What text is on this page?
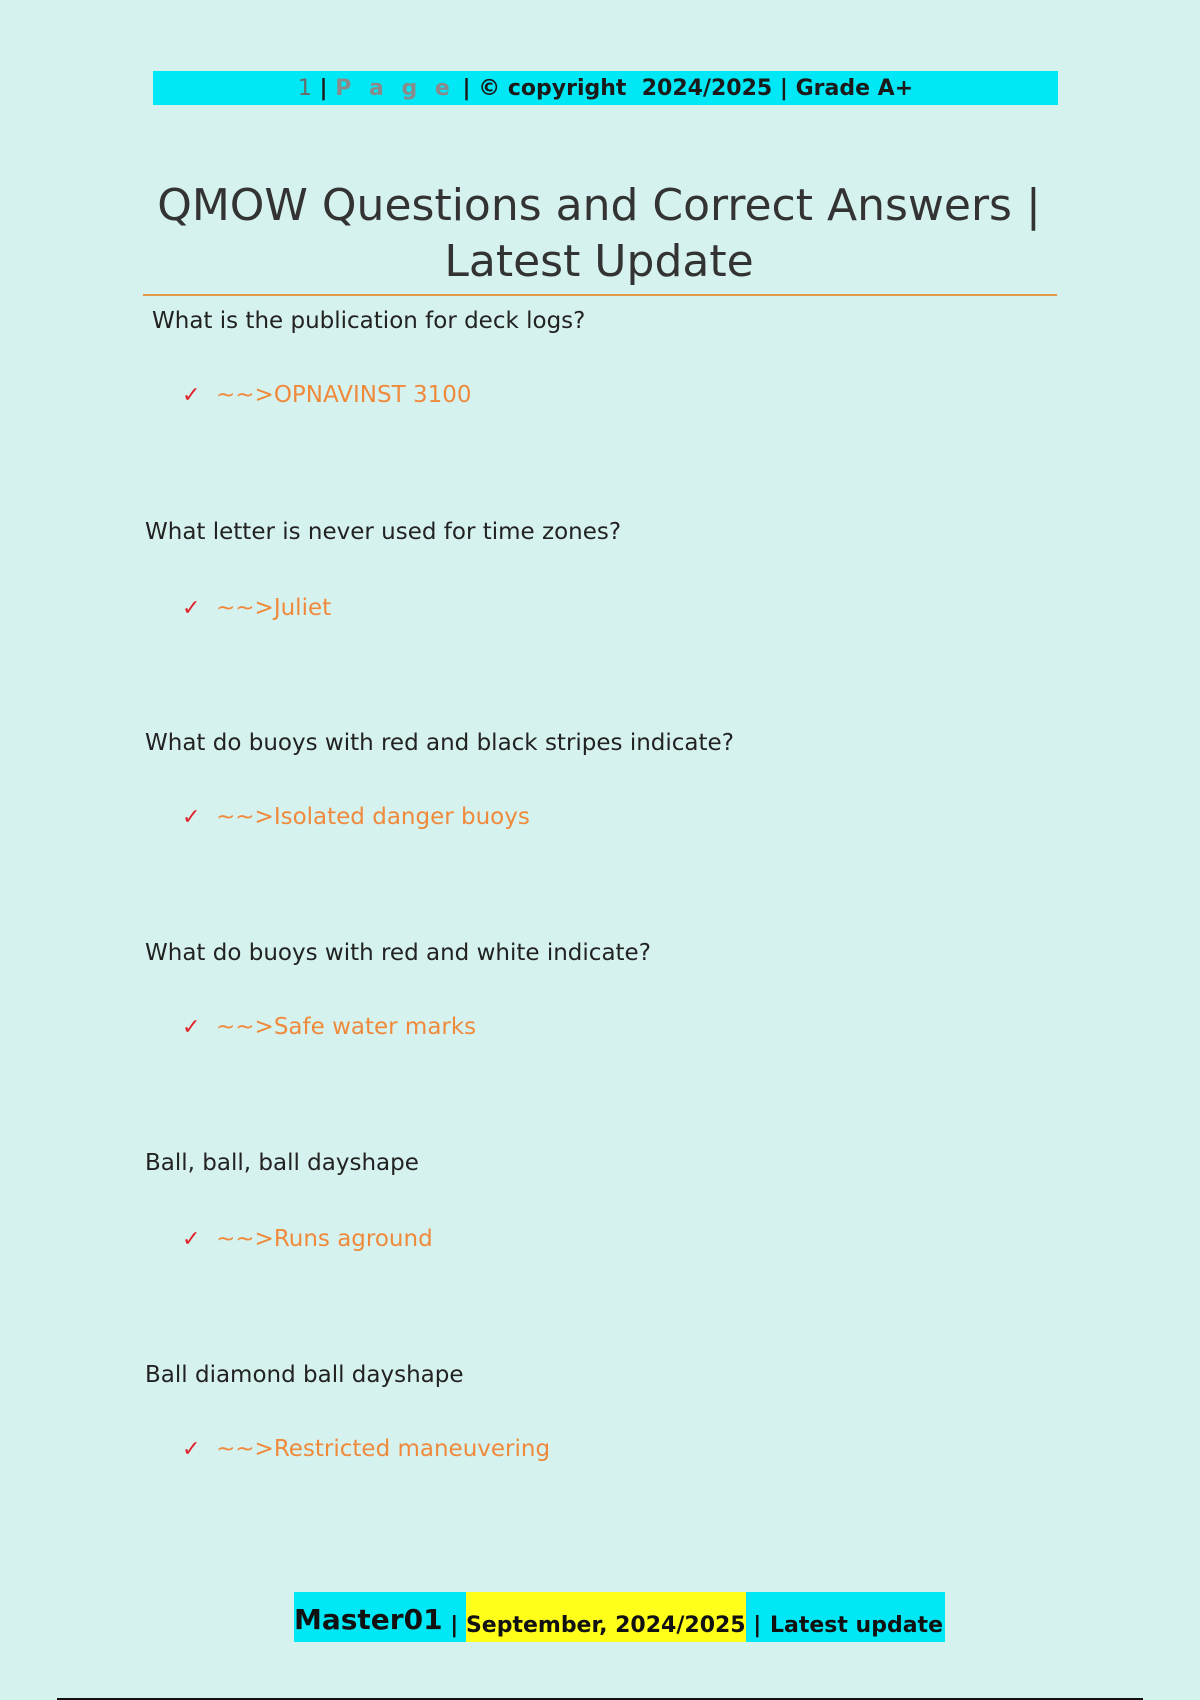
1 | P a g e | © copyright  2024/2025 | Grade A+
QMOW Questions and Correct Answers |
Latest Update
What is the publication for deck logs?
✓ ~~>OPNAVINST 3100
What letter is never used for time zones?
✓ ~~>Juliet
What do buoys with red and black stripes indicate?
✓ ~~>Isolated danger buoys
What do buoys with red and white indicate?
✓ ~~>Safe water marks
Ball, ball, ball dayshape
✓ ~~>Runs aground
Ball diamond ball dayshape
✓ ~~>Restricted maneuvering
Master01 | September, 2024/2025 | Latest update
